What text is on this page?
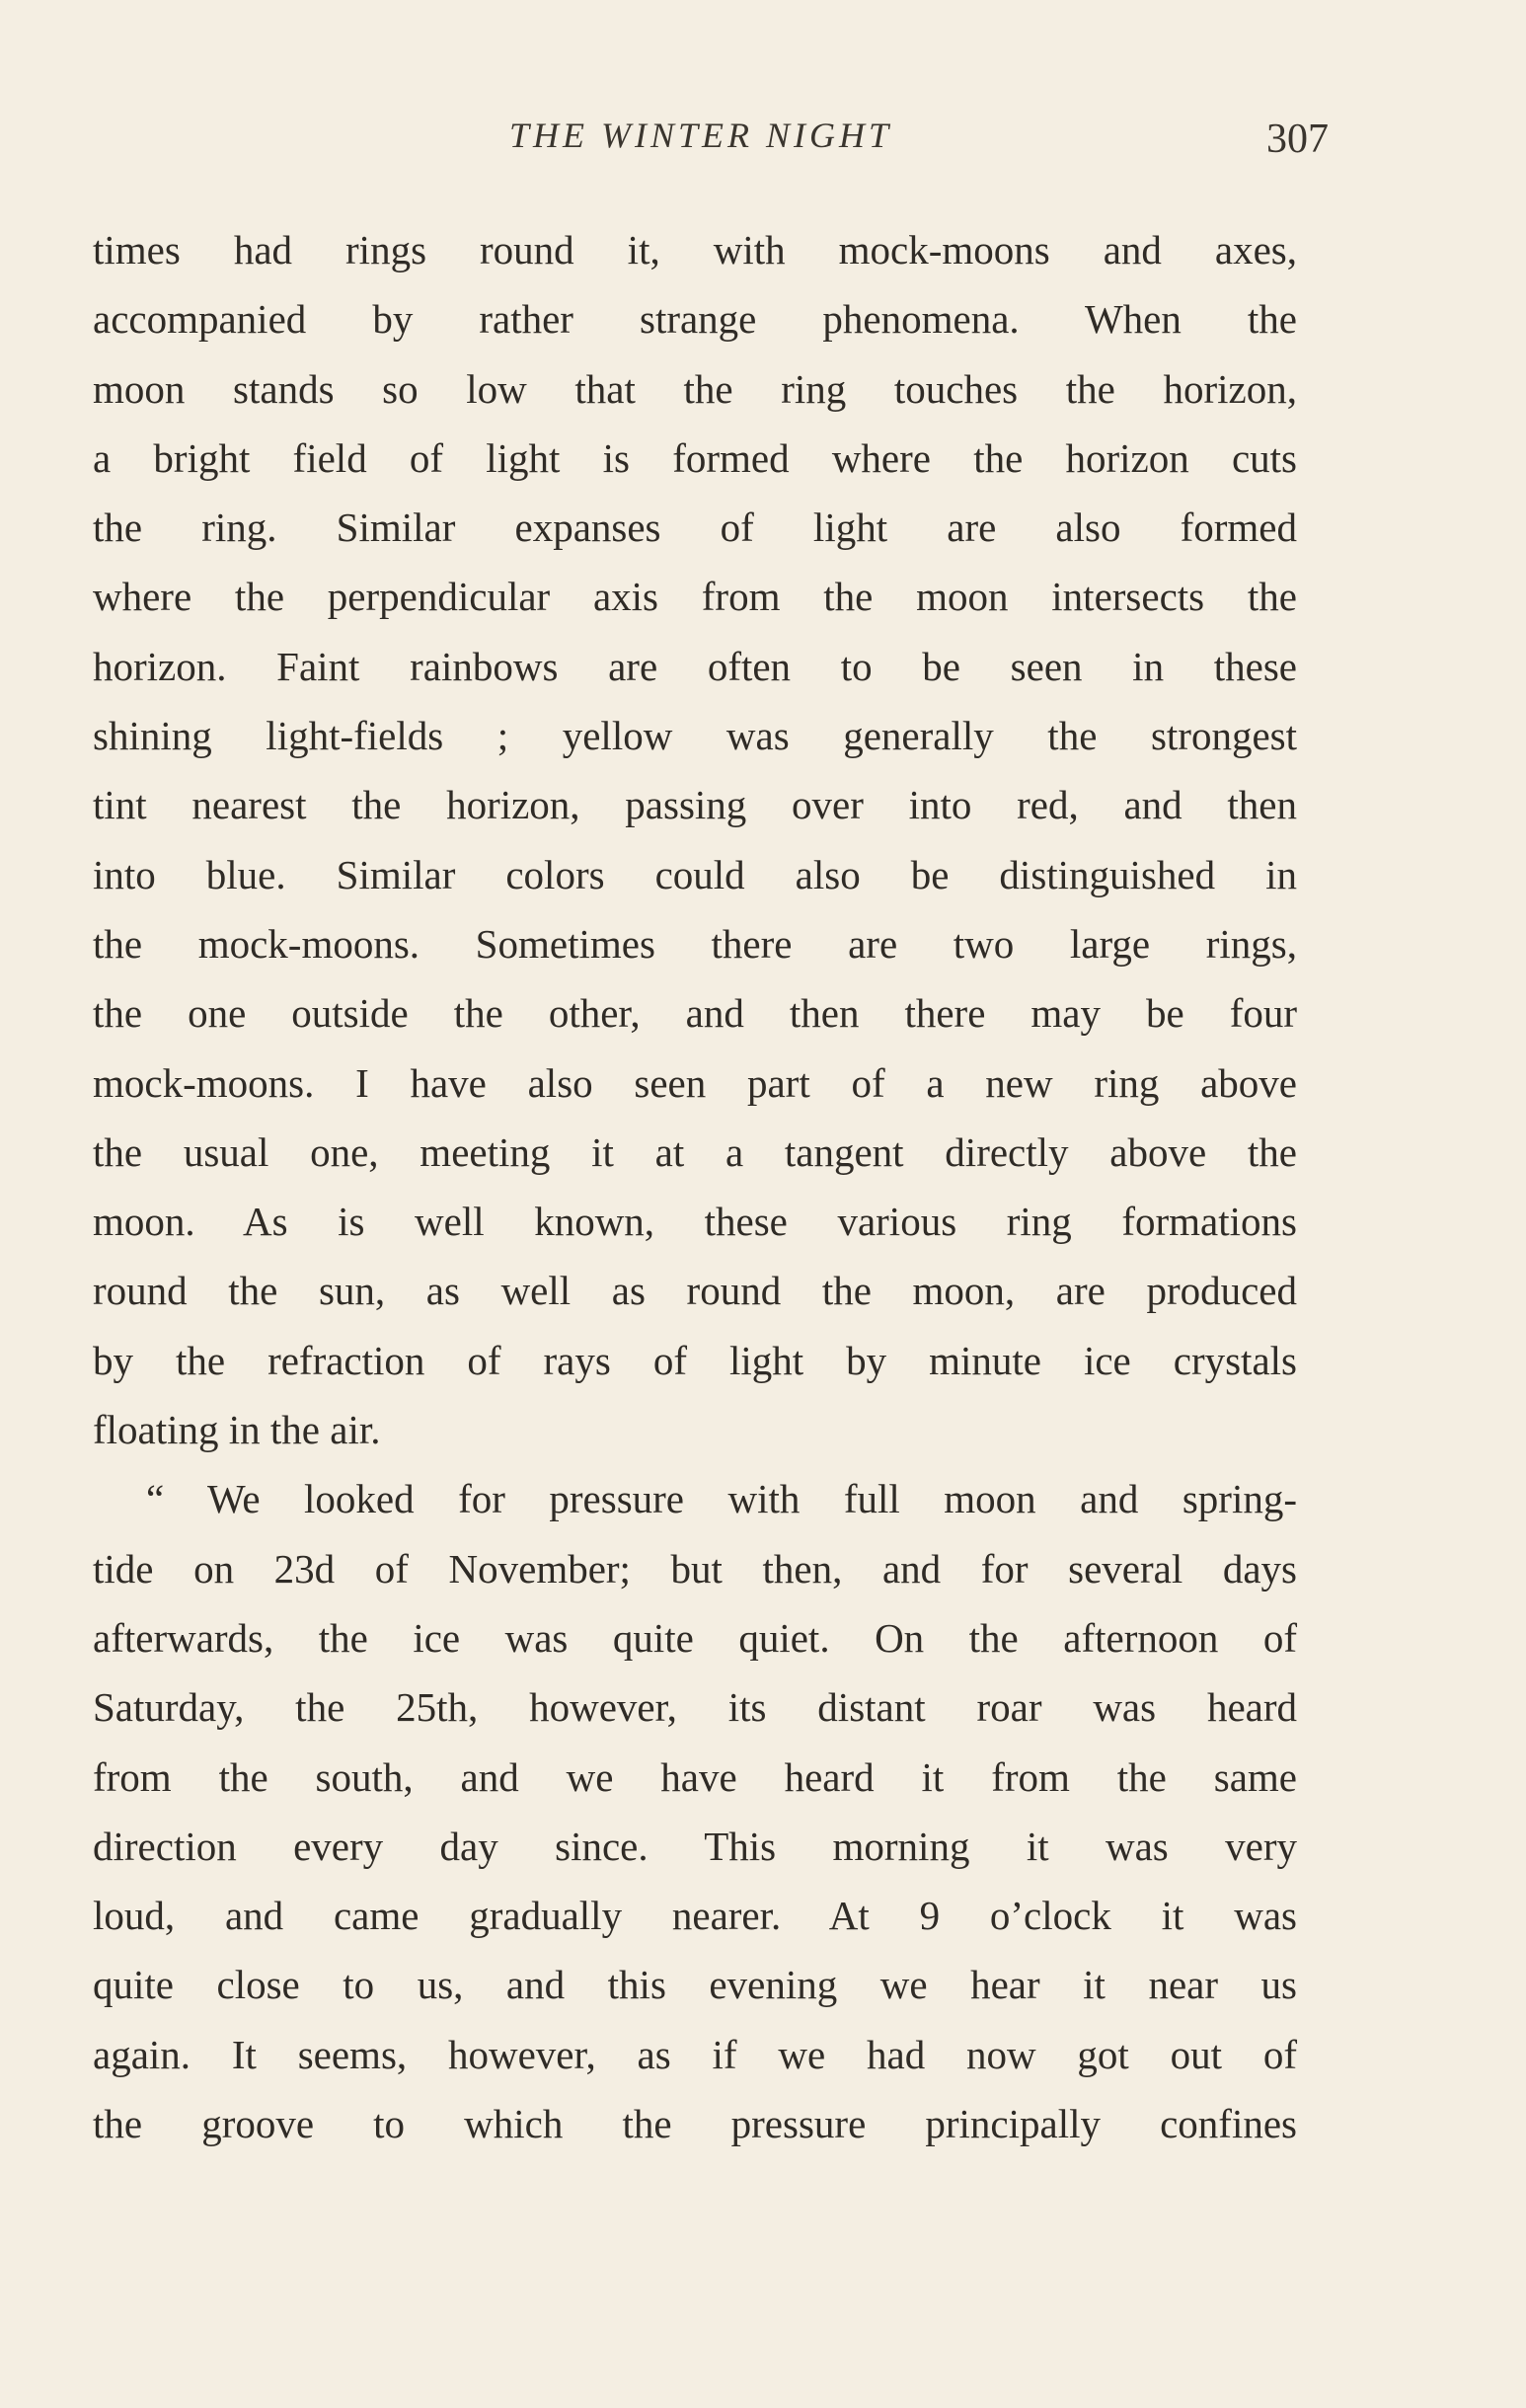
THE WINTER NIGHT	307
times had rings round it, with mock-moons and axes,
accompanied by rather strange phenomena. When the
moon stands so low that the ring touches the horizon,
a bright field of light is formed where the horizon cuts
the ring. Similar expanses of light are also formed
where the perpendicular axis from the moon intersects the
horizon. Faint rainbows are often to be seen in these
shining light-fields ; yellow was generally the strongest
tint nearest the horizon, passing over into red, and then
into blue. Similar colors could also be distinguished in
the mock-moons. Sometimes there are two large rings,
the one outside the other, and then there may be four
mock-moons. I have also seen part of a new ring above
the usual one, meeting it at a tangent directly above the
moon. As is well known, these various ring formations
round the sun, as well as round the moon, are produced
by the refraction of rays of light by minute ice crystals
floating in the air.
“ We looked for pressure with full moon and spring-
tide on 23d of November; but then, and for several days
afterwards, the ice was quite quiet. On the afternoon of
Saturday, the 25th, however, its distant roar was heard
from the south, and we have heard it from the same
direction every day since. This morning it was very
loud, and came gradually nearer. At 9 o’clock it was
quite close to us, and this evening we hear it near us
again. It seems, however, as if we had now got out of
the groove to which the pressure principally confines
